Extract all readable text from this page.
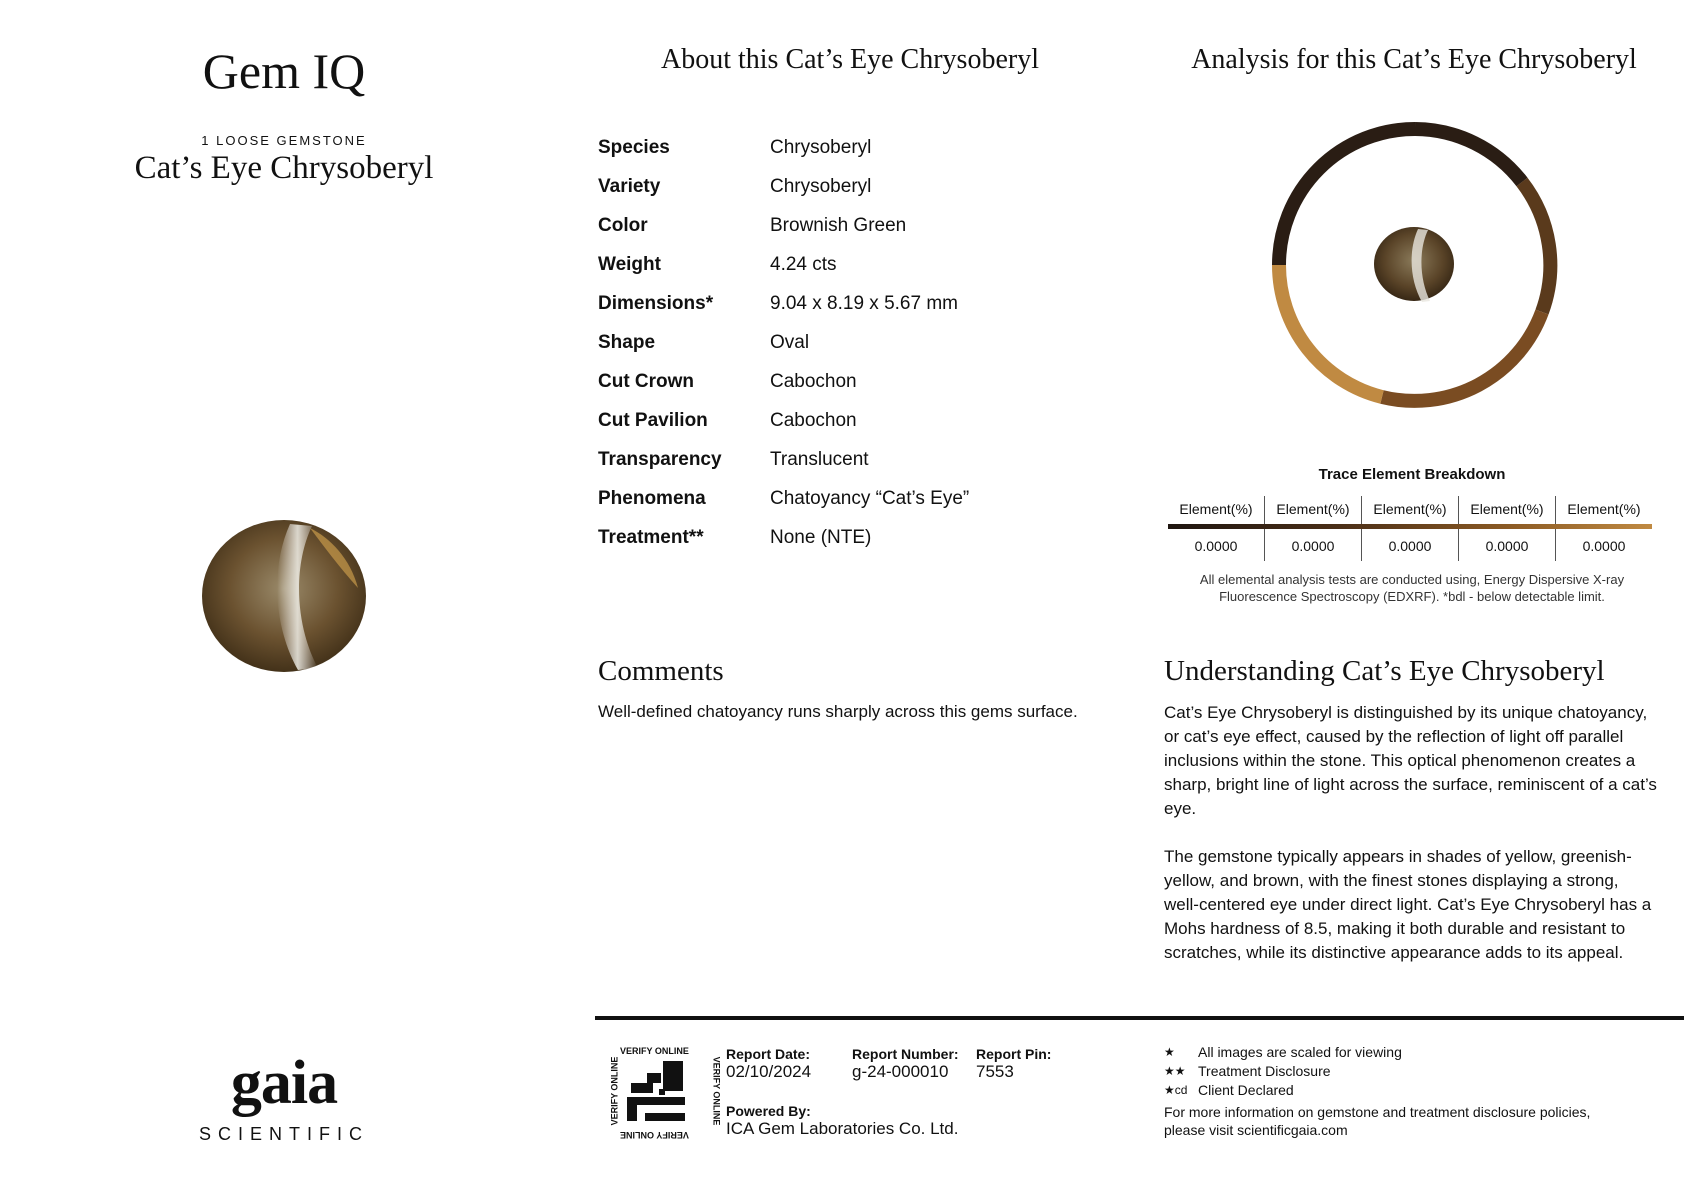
Gem IQ
1 LOOSE GEMSTONE
Cat’s Eye Chrysoberyl
gaia
SCIENTIFIC
About this Cat’s Eye Chrysoberyl
Species	Chrysoberyl
Variety	Chrysoberyl
Color	Brownish Green
Weight	4.24 cts
Dimensions*	9.04 x 8.19 x 5.67 mm
Shape	Oval
Cut Crown	Cabochon
Cut Pavilion	Cabochon
Transparency	Translucent
Phenomena	Chatoyancy “Cat’s Eye”
Treatment**	None (NTE)
Comments
Well-defined chatoyancy runs sharply across this gems surface.
Analysis for this Cat’s Eye Chrysoberyl
Trace Element Breakdown
Element(%)	Element(%)	Element(%)	Element(%)	Element(%)
0.0000	0.0000	0.0000	0.0000	0.0000
All elemental analysis tests are conducted using, Energy Dispersive X-ray
Fluorescence Spectroscopy (EDXRF). *bdl - below detectable limit.
Understanding Cat’s Eye Chrysoberyl

Cat’s Eye Chrysoberyl is distinguished by its unique chatoyancy, or cat’s eye effect, caused by the reflection of light off parallel inclusions within the stone. This optical phenomenon creates a sharp, bright line of light across the surface, reminiscent of a cat’s eye.

The gemstone typically appears in shades of yellow, greenish-yellow, and brown, with the finest stones displaying a strong, well-centered eye under direct light. Cat’s Eye Chrysoberyl has a Mohs hardness of 8.5, making it both durable and resistant to scratches, while its distinctive appearance adds to its appeal.

VERIFY ONLINE
VERIFY ONLINE	VERIFY ONLINE
VERIFY ONLINE
Report Date:
02/10/2024
Report Number:
g-24-000010
Report Pin:
7553
Powered By:
ICA Gem Laboratories Co. Ltd.
★	All images are scaled for viewing
★★ Treatment Disclosure
★cd Client Declared
For more information on gemstone and treatment disclosure policies,
please visit scientificgaia.com
